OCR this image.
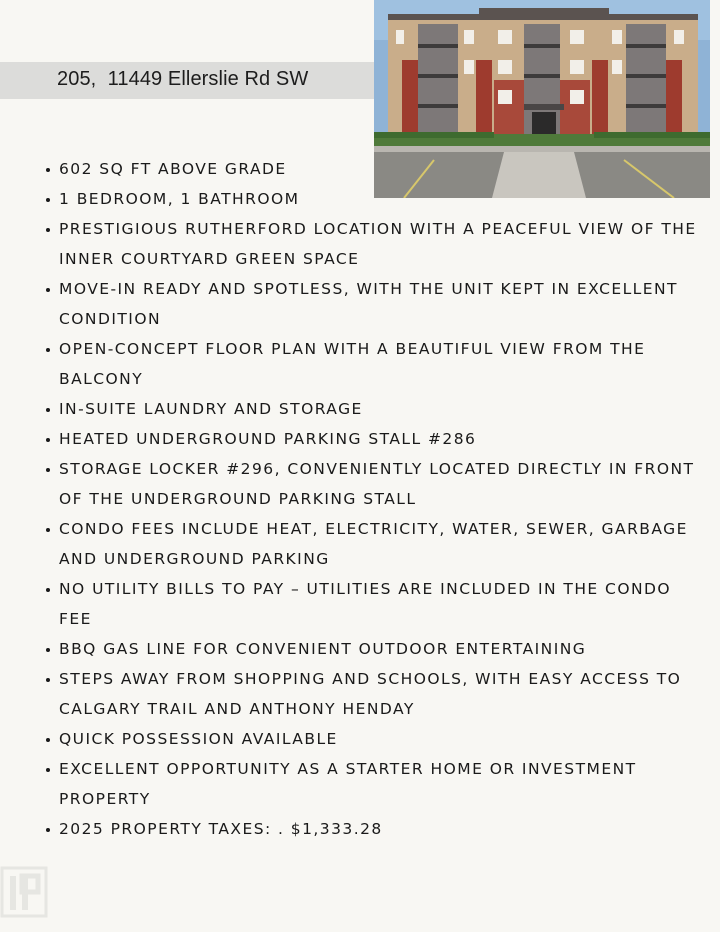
205,  11449 Ellerslie Rd SW
602 SQ FT ABOVE GRADE
1 BEDROOM, 1 BATHROOM
PRESTIGIOUS RUTHERFORD LOCATION WITH A PEACEFUL VIEW OF THE INNER COURTYARD GREEN SPACE
MOVE-IN READY AND SPOTLESS, WITH THE UNIT KEPT IN EXCELLENT CONDITION
OPEN-CONCEPT FLOOR PLAN WITH A BEAUTIFUL VIEW FROM THE BALCONY
IN-SUITE LAUNDRY AND STORAGE
HEATED UNDERGROUND PARKING STALL #286
STORAGE LOCKER #296, CONVENIENTLY LOCATED DIRECTLY IN FRONT OF THE UNDERGROUND PARKING STALL
CONDO FEES INCLUDE HEAT, ELECTRICITY, WATER, SEWER, GARBAGE AND UNDERGROUND PARKING
NO UTILITY BILLS TO PAY – UTILITIES ARE INCLUDED IN THE CONDO FEE
BBQ GAS LINE FOR CONVENIENT OUTDOOR ENTERTAINING
STEPS AWAY FROM SHOPPING AND SCHOOLS, WITH EASY ACCESS TO CALGARY TRAIL AND ANTHONY HENDAY
QUICK POSSESSION AVAILABLE
EXCELLENT OPPORTUNITY AS A STARTER HOME OR INVESTMENT PROPERTY
2025 PROPERTY TAXES: . $1,333.28
